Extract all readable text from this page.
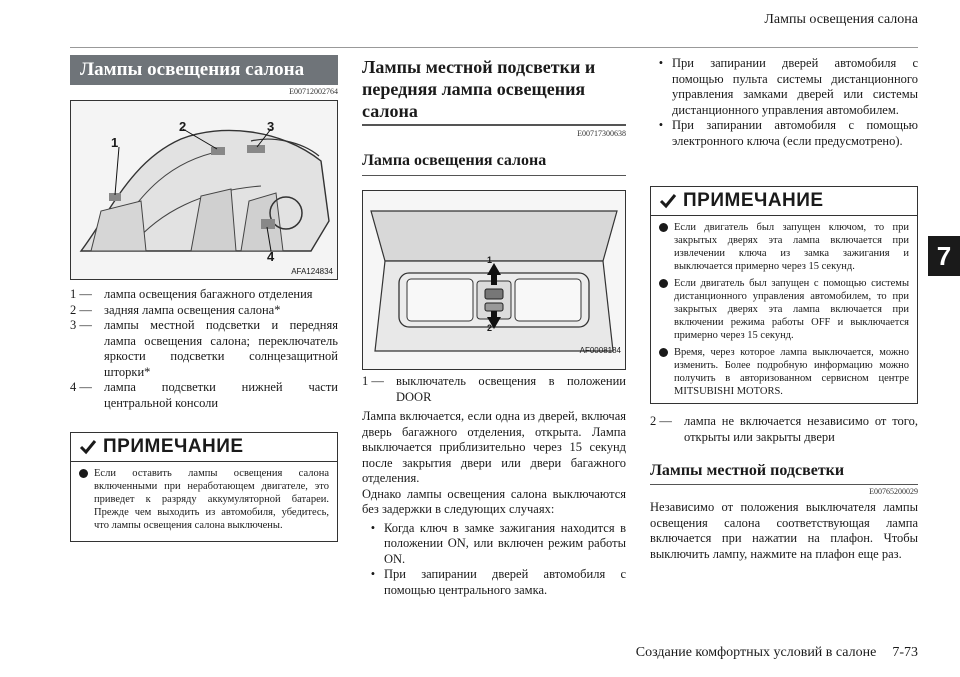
Лампы освещения салона
7
Лампы освещения салона
E00712002764
1
2	3
4
AFA124834
1 — лампа освещения багажного отделения
2 — задняя лампа освещения салона*
3 — лампы местной подсветки и передняя лампа освещения салона; переключатель яркости подсветки солнцезащитной шторки*
4 — лампа подсветки нижней части центральной консоли
ПРИМЕЧАНИЕ
Если оставить лампы освещения салона включенными при неработающем двигателе, это приведет к разряду аккумуляторной батареи. Прежде чем выходить из автомобиля, убедитесь, что лампы освещения салона выключены.
Лампы местной подсветки и передняя лампа освещения салона
E00717300638
Лампа освещения салона
1
2
AF0008184
1 — выключатель освещения в положении DOOR
Лампа включается, если одна из дверей, включая дверь багажного отделения, открыта. Лампа выключается приблизительно через 15 секунд после закрытия двери или двери багажного отделения.
Однако лампы освещения салона выключаются без задержки в следующих случаях:
• Когда ключ в замке зажигания находится в положении ON, или включен режим работы ON.
• При запирании дверей автомобиля с помощью центрального замка.
• При запирании дверей автомобиля с помощью пульта системы дистанционного управления замками дверей или системы дистанционного управления автомобилем.
• При запирании автомобиля с помощью электронного ключа (если предусмотрено).
ПРИМЕЧАНИЕ
Если двигатель был запущен ключом, то при закрытых дверях эта лампа включается при извлечении ключа из замка зажигания и выключается примерно через 15 секунд.
Если двигатель был запущен с помощью системы дистанционного управления автомобилем, то при закрытых дверях эта лампа включается при включении режима работы OFF и выключается примерно через 15 секунд.
Время, через которое лампа выключается, можно изменить. Более подробную информацию можно получить в авторизованном сервисном центре MITSUBISHI MOTORS.
2 — лампа не включается независимо от того, открыты или закрыты двери
Лампы местной подсветки
E00765200029
Независимо от положения выключателя лампы освещения салона соответствующая лампа включается при нажатии на плафон. Чтобы выключить лампу, нажмите на плафон еще раз.
Создание комфортных условий в салоне 7-73
